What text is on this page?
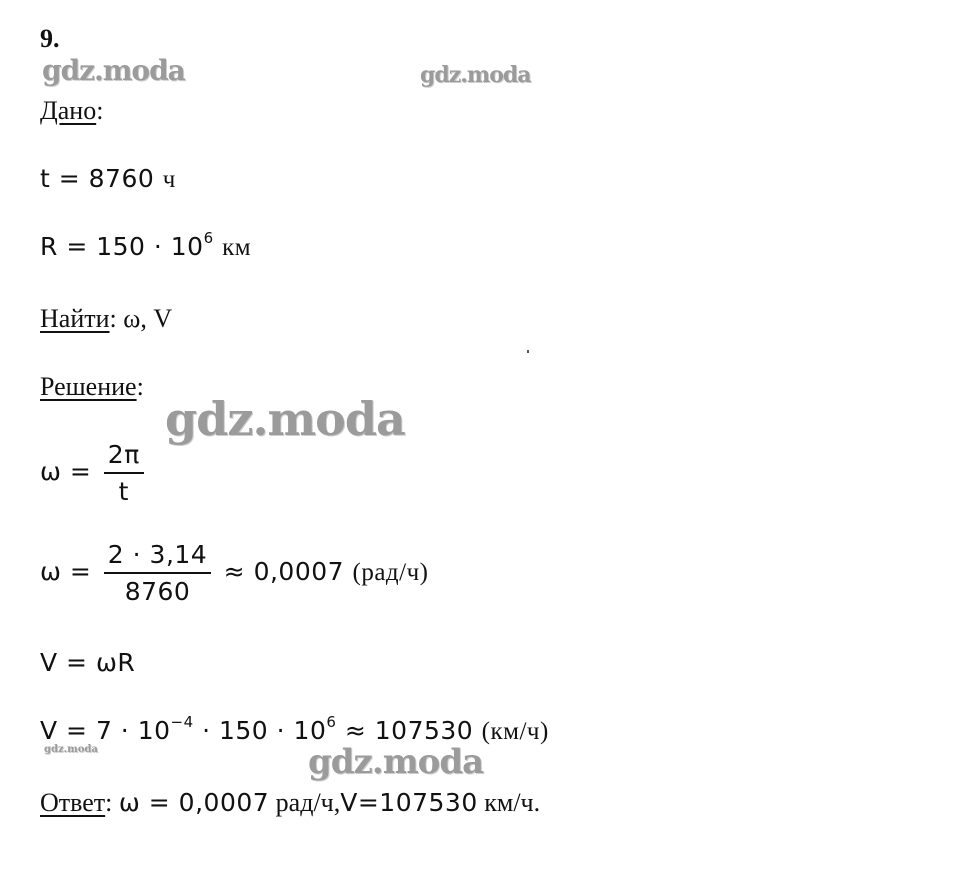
gdz.moda	gdz.moda
gdz.moda
gdz.moda	gdz.moda
9.
Дано:
t = 8760 ч
$R = 150 \cdot 10^6$ км
Найти: ω, V
Решение:
$\omega = \frac{2\pi}{t}$
$\omega = \frac{2 \cdot 3,14}{8760} \approx 0,0007$ (рад/ч)
V = ωR
$V = 7 \cdot 10^{-4} \cdot 150 \cdot 10^6 \approx 107530$ (км/ч)
Ответ: ω = 0,0007 рад/ч,V=107530 км/ч.
